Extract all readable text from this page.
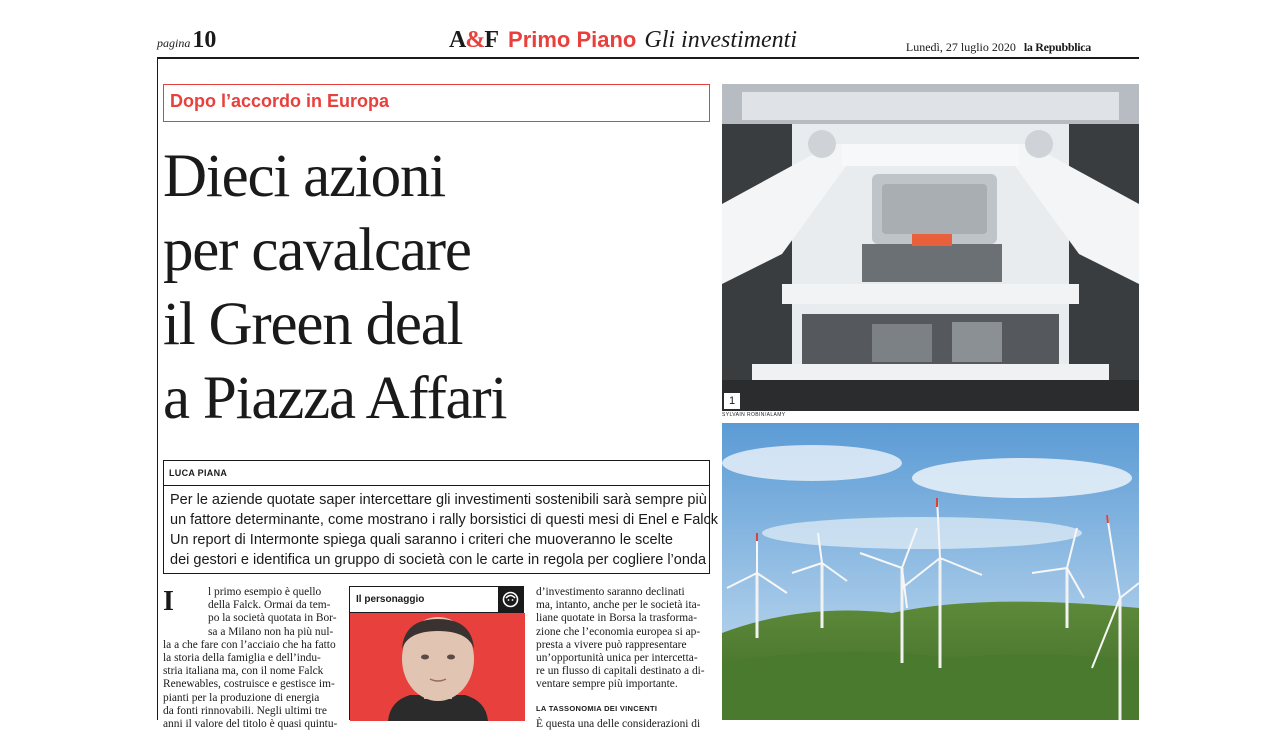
pagina10	A&F Primo Piano Gli investimenti	Lunedì, 27 luglio 2020 la Repubblica
Dopo l’accordo in Europa
Dieci azioni
per cavalcare
il Green deal
a Piazza Affari
LUCA PIANA
Per le aziende quotate saper intercettare gli investimenti sostenibili sarà sempre più
un fattore determinante, come mostrano i rally borsistici di questi mesi di Enel e Falck
Un report di Intermonte spiega quali saranno i criteri che muoveranno le scelte
dei gestori e identifica un gruppo di società con le carte in regola per cogliere l’onda
I	l primo esempio è quello
della Falck. Ormai da tem-
po la società quotata in Bor-
sa a Milano non ha più nul-
la a che fare con l’acciaio che ha fatto
la storia della famiglia e dell’indu-
stria italiana ma, con il nome Falck
Renewables, costruisce e gestisce im-
pianti per la produzione di energia
da fonti rinnovabili. Negli ultimi tre
anni il valore del titolo è quasi quintu-
Il personaggio
d’investimento saranno declinati
ma, intanto, anche per le società ita-
liane quotate in Borsa la trasforma-
zione che l’economia europea si ap-
presta a vivere può rappresentare
un’opportunità unica per intercetta-
re un flusso di capitali destinato a di-
ventare sempre più importante.
LA TASSONOMIA DEI VINCENTI
È questa una delle considerazioni di
1
SYLVAIN ROBIN/ALAMY
